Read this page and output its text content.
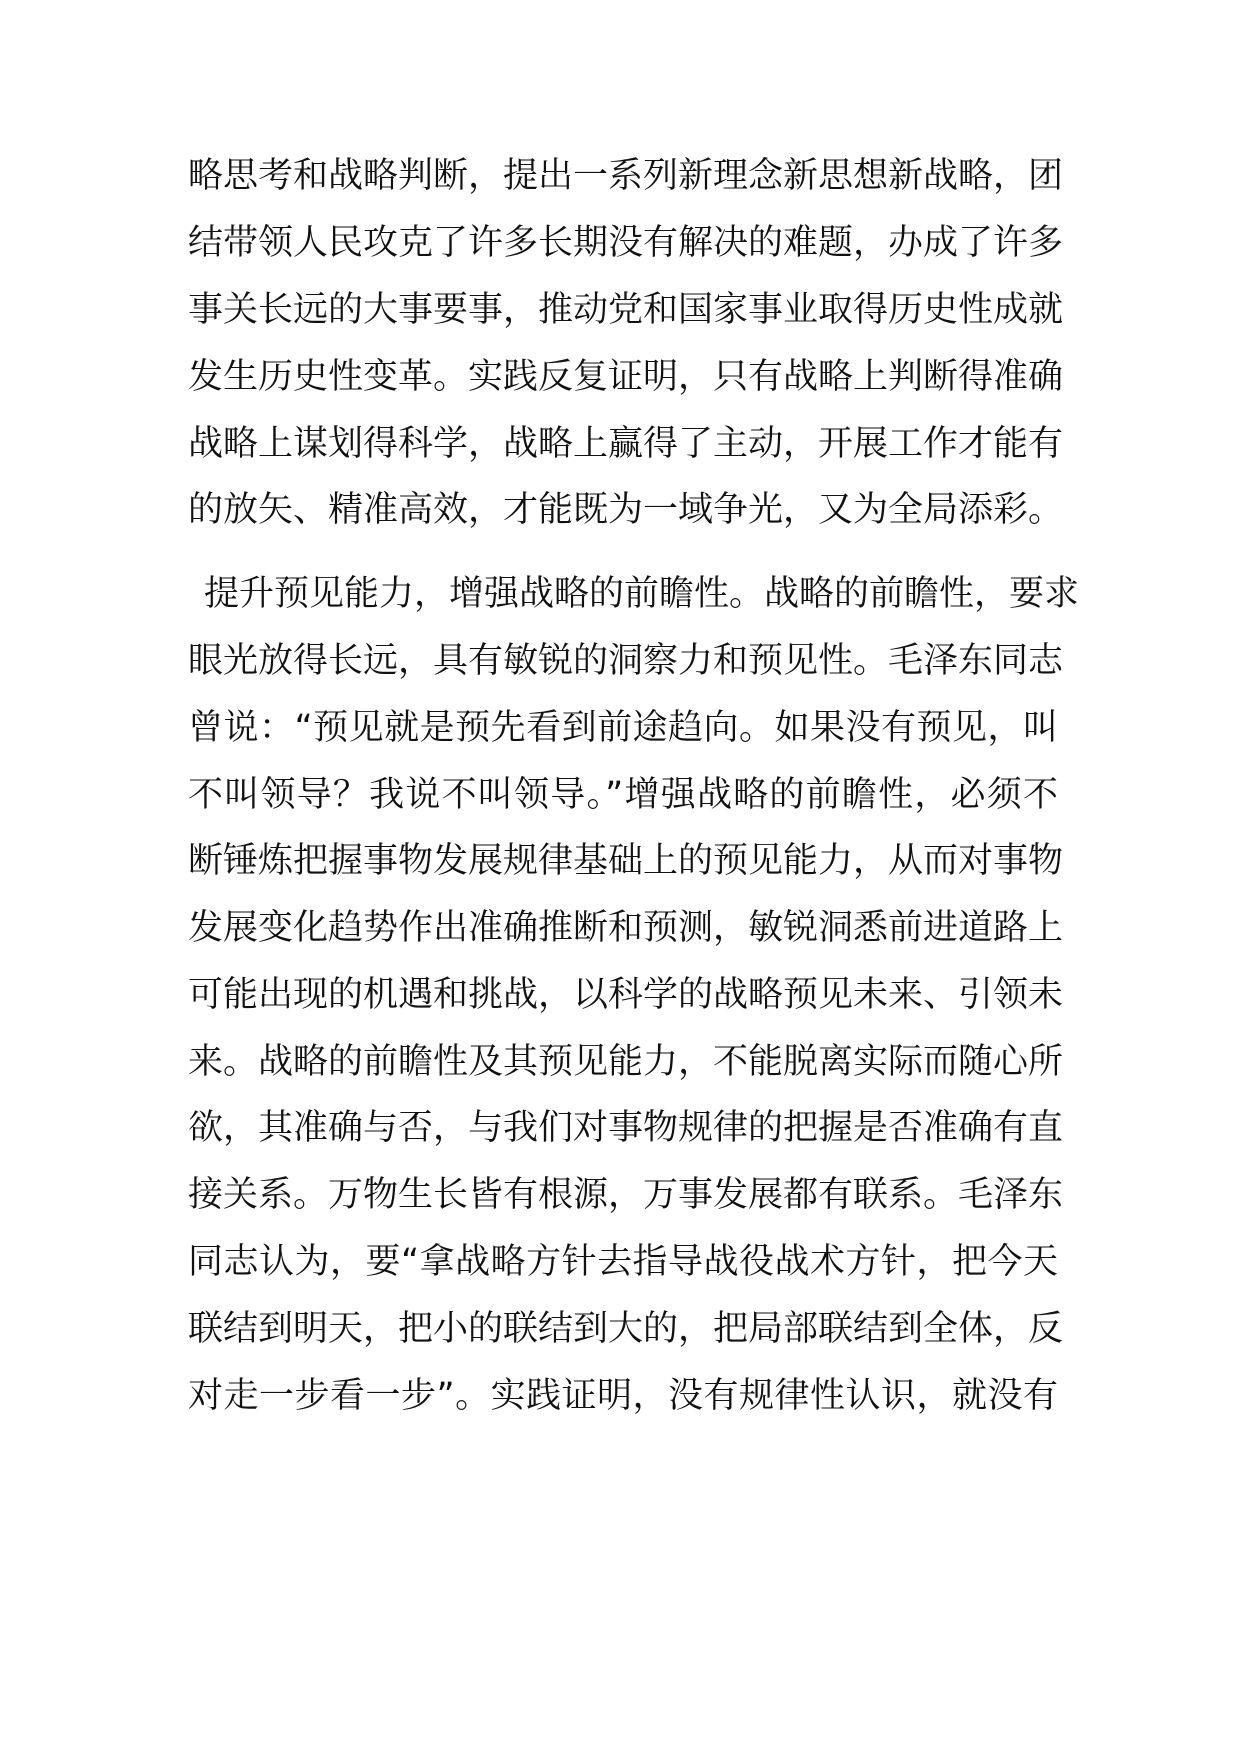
略思考和战略判断，提出一系列新理念新思想新战略，团
结带领人民攻克了许多长期没有解决的难题，办成了许多
事关长远的大事要事，推动党和国家事业取得历史性成就
发生历史性变革。实践反复证明，只有战略上判断得准确
战略上谋划得科学，战略上赢得了主动，开展工作才能有
的放矢、精准高效，才能既为一域争光，又为全局添彩。
提升预见能力，增强战略的前瞻性。战略的前瞻性，要求
眼光放得长远，具有敏锐的洞察力和预见性。毛泽东同志
曾说：“预见就是预先看到前途趋向。如果没有预见，叫
不叫领导？我说不叫领导。”增强战略的前瞻性，必须不
断锤炼把握事物发展规律基础上的预见能力，从而对事物
发展变化趋势作出准确推断和预测，敏锐洞悉前进道路上
可能出现的机遇和挑战，以科学的战略预见未来、引领未
来。战略的前瞻性及其预见能力，不能脱离实际而随心所
欲，其准确与否，与我们对事物规律的把握是否准确有直
接关系。万物生长皆有根源，万事发展都有联系。毛泽东
同志认为，要“拿战略方针去指导战役战术方针，把今天
联结到明天，把小的联结到大的，把局部联结到全体，反
对走一步看一步”。实践证明，没有规律性认识，就没有
